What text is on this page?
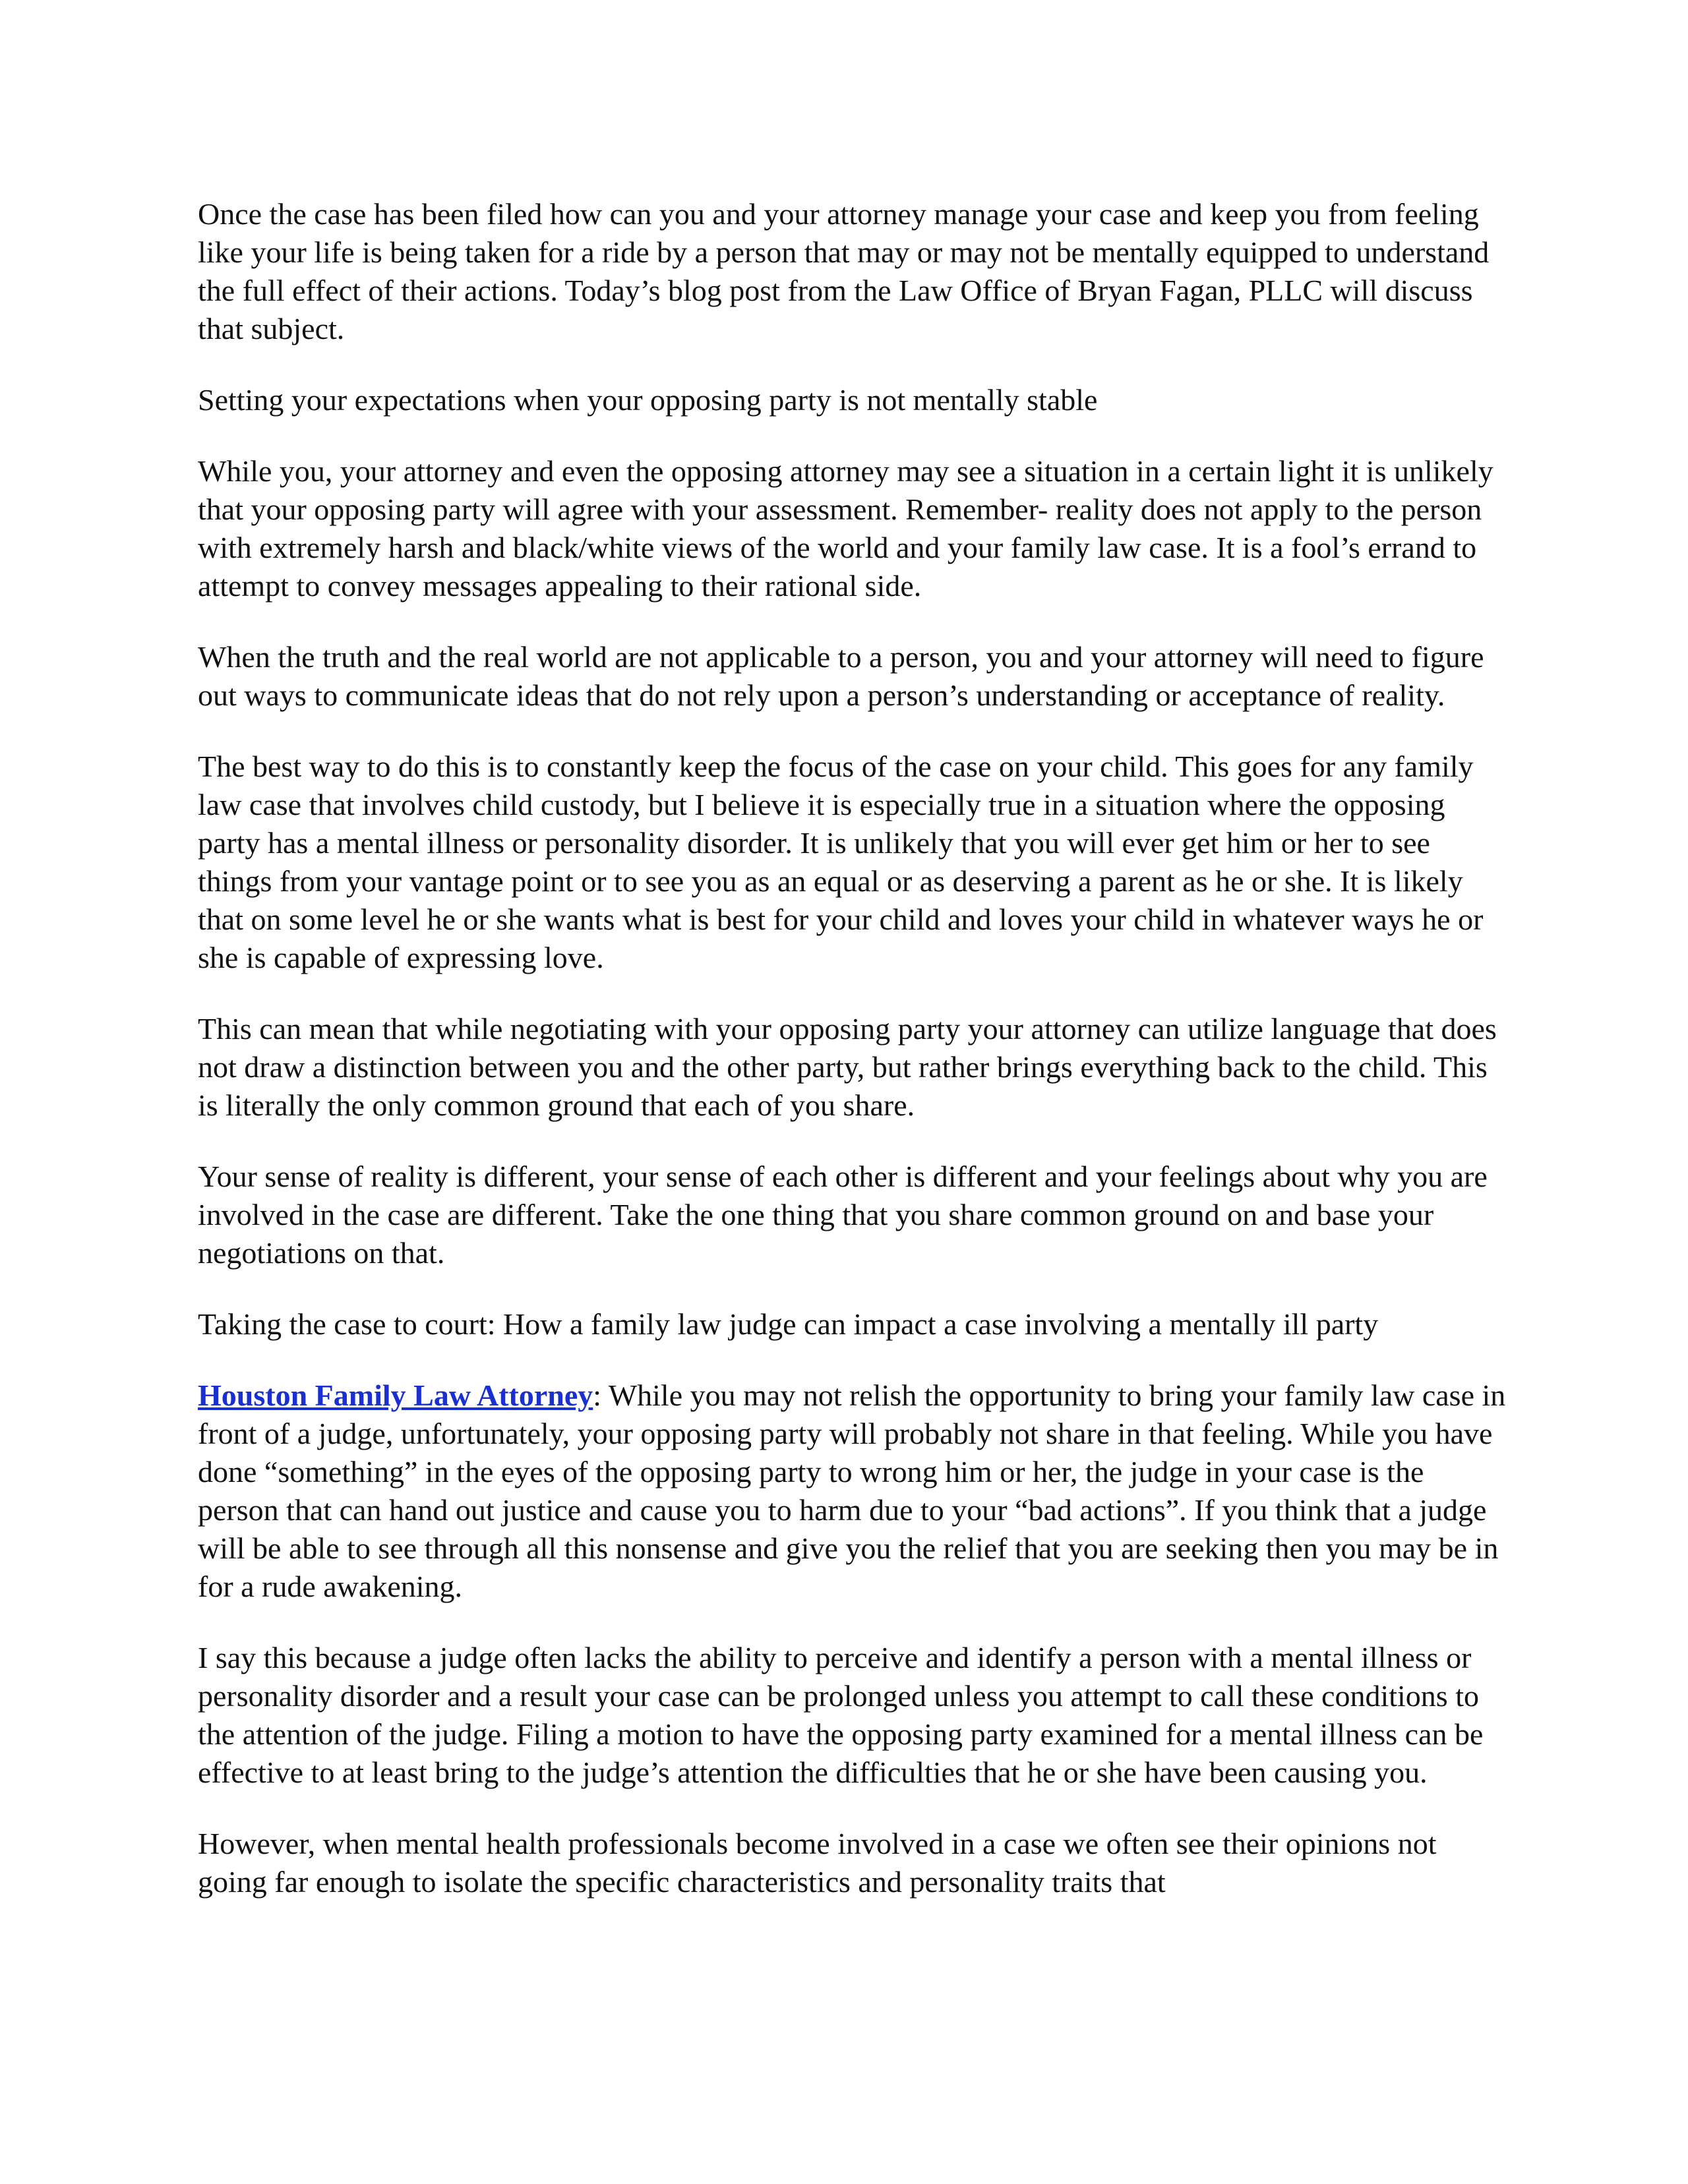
Once the case has been filed how can you and your attorney manage your case and keep you from feeling like your life is being taken for a ride by a person that may or may not be mentally equipped to understand the full effect of their actions. Today’s blog post from the Law Office of Bryan Fagan, PLLC will discuss that subject.

Setting your expectations when your opposing party is not mentally stable

While you, your attorney and even the opposing attorney may see a situation in a certain light it is unlikely that your opposing party will agree with your assessment. Remember- reality does not apply to the person with extremely harsh and black/white views of the world and your family law case. It is a fool’s errand to attempt to convey messages appealing to their rational side.

When the truth and the real world are not applicable to a person, you and your attorney will need to figure out ways to communicate ideas that do not rely upon a person’s understanding or acceptance of reality.

The best way to do this is to constantly keep the focus of the case on your child. This goes for any family law case that involves child custody, but I believe it is especially true in a situation where the opposing party has a mental illness or personality disorder. It is unlikely that you will ever get him or her to see things from your vantage point or to see you as an equal or as deserving a parent as he or she. It is likely that on some level he or she wants what is best for your child and loves your child in whatever ways he or she is capable of expressing love.

This can mean that while negotiating with your opposing party your attorney can utilize language that does not draw a distinction between you and the other party, but rather brings everything back to the child. This is literally the only common ground that each of you share.

Your sense of reality is different, your sense of each other is different and your feelings about why you are involved in the case are different. Take the one thing that you share common ground on and base your negotiations on that.

Taking the case to court: How a family law judge can impact a case involving a mentally ill party

Houston Family Law Attorney: While you may not relish the opportunity to bring your family law case in front of a judge, unfortunately, your opposing party will probably not share in that feeling. While you have done “something” in the eyes of the opposing party to wrong him or her, the judge in your case is the person that can hand out justice and cause you to harm due to your “bad actions”. If you think that a judge will be able to see through all this nonsense and give you the relief that you are seeking then you may be in for a rude awakening.

I say this because a judge often lacks the ability to perceive and identify a person with a mental illness or personality disorder and a result your case can be prolonged unless you attempt to call these conditions to the attention of the judge. Filing a motion to have the opposing party examined for a mental illness can be effective to at least bring to the judge’s attention the difficulties that he or she have been causing you.

However, when mental health professionals become involved in a case we often see their opinions not going far enough to isolate the specific characteristics and personality traits that
